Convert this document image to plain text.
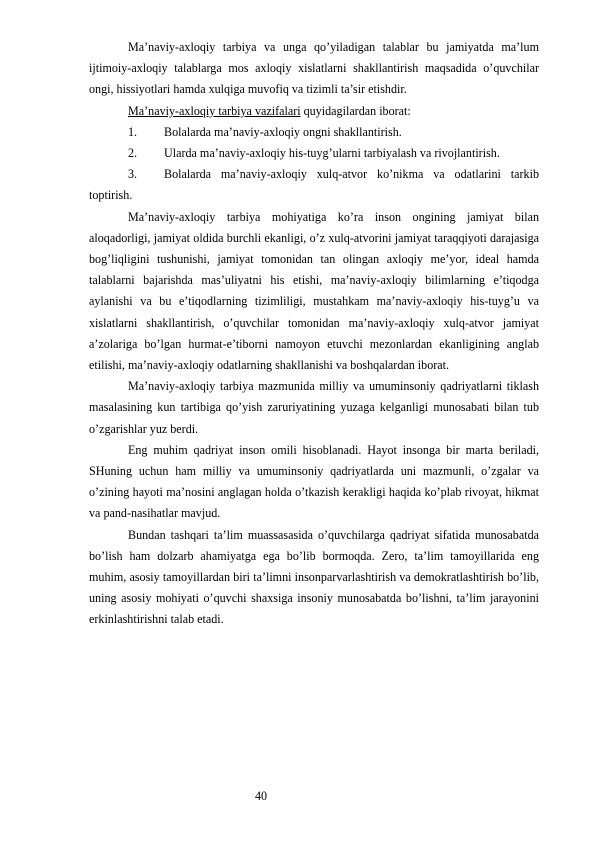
Ma’naviy-axloqiy tarbiya va unga qo’yiladigan talablar bu jamiyatda ma’lum ijtimoiy-axloqiy talablarga mos axloqiy xislatlarni shakllantirish maqsadida o’quvchilar ongi, hissiyotlari hamda xulqiga muvofiq va tizimli ta’sir etishdir.

Ma’naviy-axloqiy tarbiya vazifalari quyidagilardan iborat:

1. Bolalarda ma’naviy-axloqiy ongni shakllantirish.
2. Ularda ma’naviy-axloqiy his-tuyg’ularni tarbiyalash va rivojlantirish.
3.	Bolalarda ma’naviy-axloqiy xulq-atvor ko’nikma va odatlarini tarkib toptirish.

Ma’naviy-axloqiy tarbiya mohiyatiga ko’ra inson ongining jamiyat bilan aloqadorligi, jamiyat oldida burchli ekanligi, o’z xulq-atvorini jamiyat taraqqiyoti darajasiga bog’liqligini tushunishi, jamiyat tomonidan tan olingan axloqiy me’yor, ideal hamda talablarni bajarishda mas’uliyatni his etishi, ma’naviy-axloqiy bilimlarning e’tiqodga aylanishi va bu e’tiqodlarning tizimliligi, mustahkam ma’naviy-axloqiy his-tuyg’u va xislatlarni shakllantirish, o’quvchilar tomonidan ma’naviy-axloqiy xulq-atvor jamiyat a’zolariga bo’lgan hurmat-e’tiborni namoyon etuvchi mezonlardan ekanligining anglab etilishi, ma’naviy-axloqiy odatlarning shakllanishi va boshqalardan iborat.

Ma’naviy-axloqiy tarbiya mazmunida milliy va umuminsoniy qadriyatlarni tiklash masalasining kun tartibiga qo’yish zaruriyatining yuzaga kelganligi munosabati bilan tub o’zgarishlar yuz berdi.

Eng muhim qadriyat inson omili hisoblanadi. Hayot insonga bir marta beriladi, SHuning uchun ham milliy va umuminsoniy qadriyatlarda uni mazmunli, o’zgalar va o’zining hayoti ma’nosini anglagan holda o’tkazish kerakligi haqida ko’plab rivoyat, hikmat va pand-nasihatlar mavjud.

Bundan tashqari ta’lim muassasasida o’quvchilarga qadriyat sifatida munosabatda bo’lish ham dolzarb ahamiyatga ega bo’lib bormoqda. Zero, ta’lim tamoyillarida eng muhim, asosiy tamoyillardan biri ta’limni insonparvarlashtirish va demokratlashtirish bo’lib, uning asosiy mohiyati o’quvchi shaxsiga insoniy munosabatda bo’lishni, ta’lim jarayonini erkinlashtirishni talab etadi.

40
